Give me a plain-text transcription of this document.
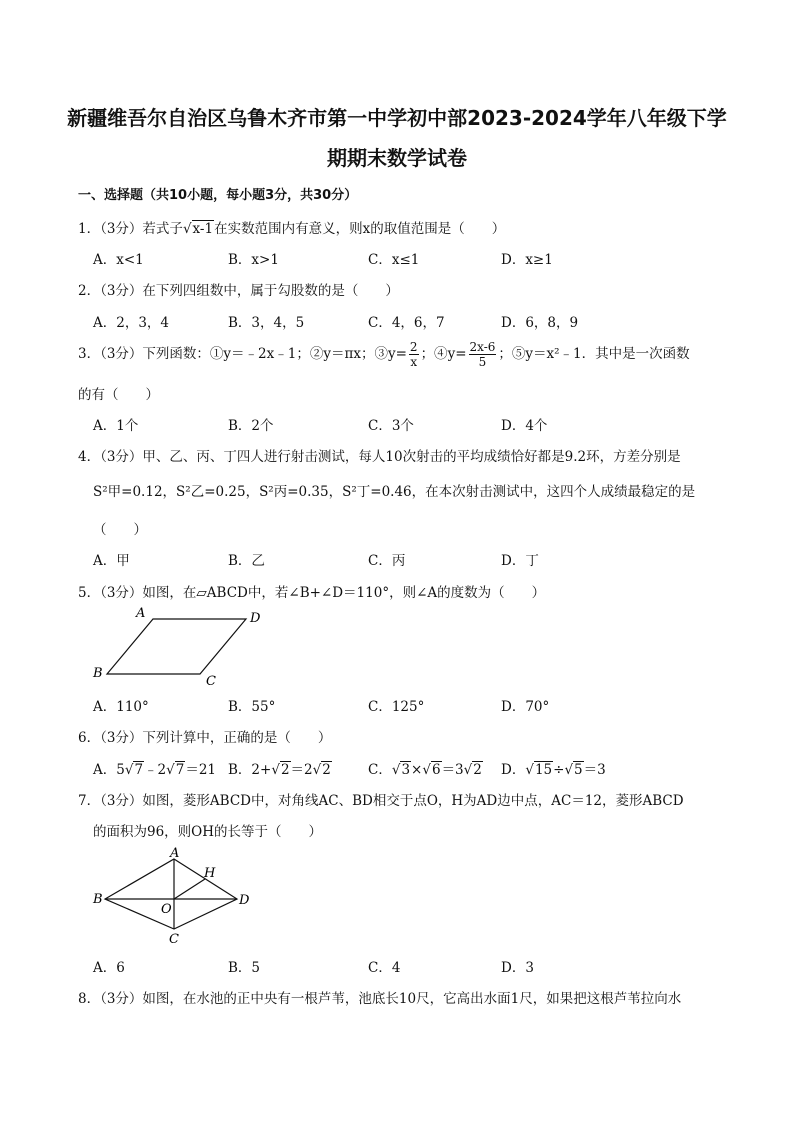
新疆维吾尔自治区乌鲁木齐市第一中学初中部2023-2024学年八年级下学
期期末数学试卷
一、选择题（共10小题，每小题3分，共30分）
1．（3分）若式子√x-1在实数范围内有意义，则x的取值范围是（　　）
A．x<1	B．x>1	C．x≤1	D．x≥1
2．（3分）在下列四组数中，属于勾股数的是（　　）
A．2，3，4	B．3，4，5	C．4，6，7	D．6，8，9
3．（3分）下列函数：①y＝﹣2x﹣1；②y＝πx；③y= $\frac{2}{x}$ ；④y= $\frac{2x-6}{5}$ ；⑤y＝x²﹣1．其中是一次函数
的有（　　）
A．1个	B．2个	C．3个	D．4个
4．（3分）甲、乙、丙、丁四人进行射击测试，每人10次射击的平均成绩恰好都是9.2环，方差分别是
S²甲=0.12，S²乙=0.25，S²丙=0.35，S²丁=0.46，在本次射击测试中，这四个人成绩最稳定的是
（　　）
A．甲	B．乙	C．丙	D．丁
5．（3分）如图，在▱ABCD中，若∠B+∠D＝110°，则∠A的度数为（　　）
A	D
B
C
A．110°	B．55°	C．125°	D．70°
6．（3分）下列计算中，正确的是（　　）
A．5√7﹣2√7＝21 B．2+√2＝2√2	C．√3×√6＝3√2 D．√15÷√5＝3
7．（3分）如图，菱形ABCD中，对角线AC、BD相交于点O，H为AD边中点，AC＝12，菱形ABCD
的面积为96，则OH的长等于（　　）
A
H
B
O
D
C
A．6	B．5	C．4	D．3
8．（3分）如图，在水池的正中央有一根芦苇，池底长10尺，它高出水面1尺，如果把这根芦苇拉向水
